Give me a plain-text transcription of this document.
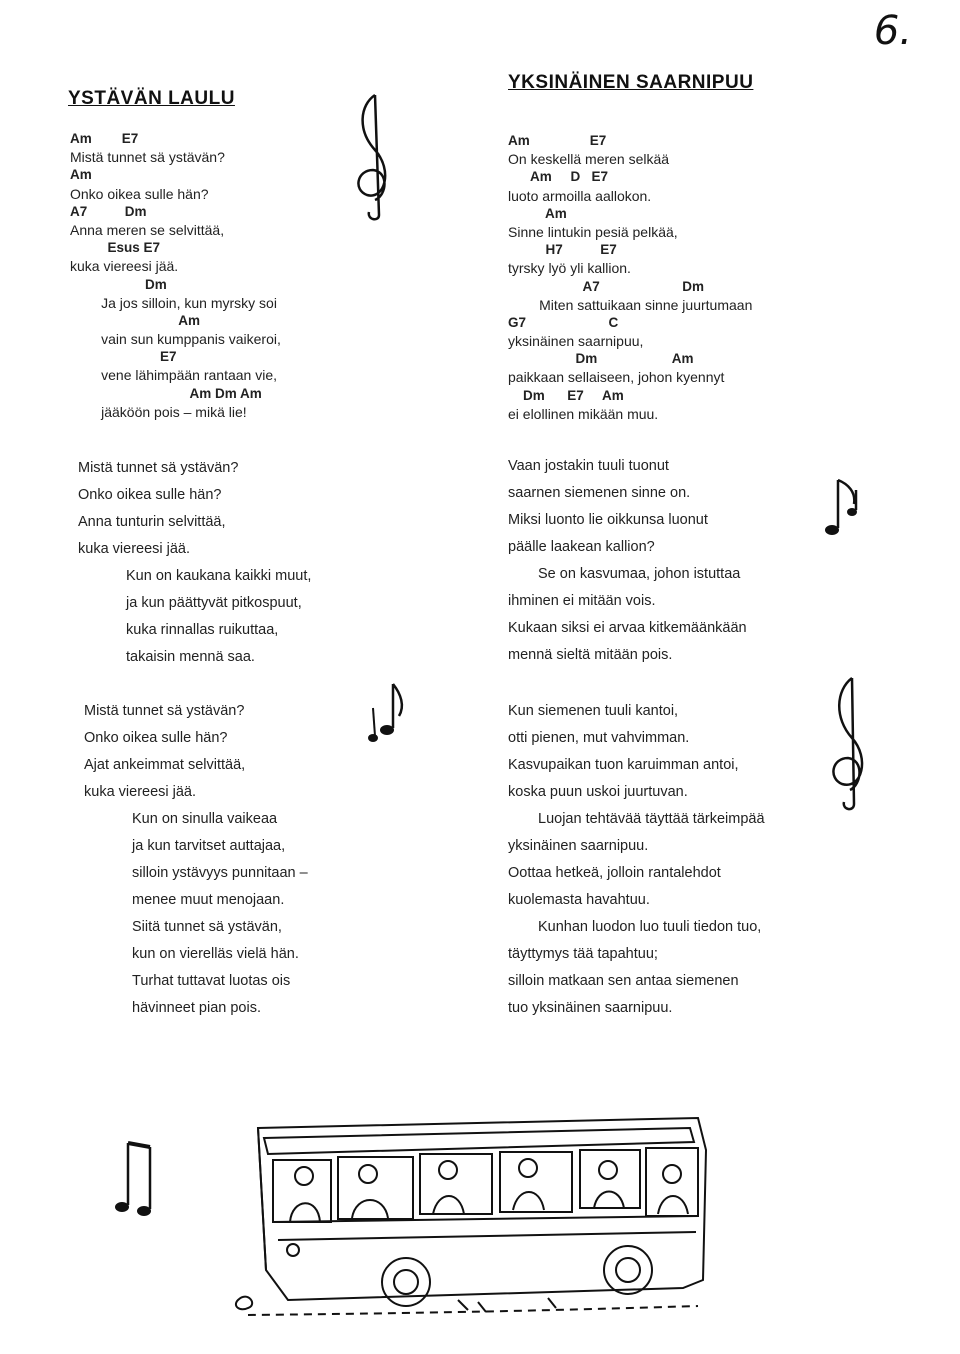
6.
YSTÄVÄN LAULU
Am        E7
Mistä tunnet sä ystävän?
Am
Onko oikea sulle hän?
A7          Dm
Anna meren se selvittää,
Esus E7
kuka viereesi jää.
Dm
Ja jos silloin, kun myrsky soi
Am
vain sun kumppanis vaikeroi,
E7
vene lähimpään rantaan vie,
Am Dm Am
jääköön pois – mikä lie!
Mistä tunnet sä ystävän?
Onko oikea sulle hän?
Anna tunturin selvittää,
kuka viereesi jää.
Kun on kaukana kaikki muut,
ja kun päättyvät pitkospuut,
kuka rinnallas ruikuttaa,
takaisin mennä saa.
Mistä tunnet sä ystävän?
Onko oikea sulle hän?
Ajat ankeimmat selvittää,
kuka viereesi jää.
Kun on sinulla vaikeaa
ja kun tarvitset auttajaa,
silloin ystävyys punnitaan –
menee muut menojaan.
Siitä tunnet sä ystävän,
kun on vierelläs vielä hän.
Turhat tuttavat luotas ois
hävinneet pian pois.
YKSINÄINEN SAARNIPUU
Am                E7
On keskellä meren selkää
Am     D   E7
luoto armoilla aallokon.
Am
Sinne lintukin pesiä pelkää,
H7          E7
tyrsky lyö yli kallion.
A7                      Dm
Miten sattuikaan sinne juurtumaan
G7                      C
yksinäinen saarnipuu,
Dm                    Am
paikkaan sellaiseen, johon kyennyt
Dm      E7     Am
ei elollinen mikään muu.
Vaan jostakin tuuli tuonut
saarnen siemenen sinne on.
Miksi luonto lie oikkunsa luonut
päälle laakean kallion?
Se on kasvumaa, johon istuttaa
ihminen ei mitään vois.
Kukaan siksi ei arvaa kitkemäänkään
mennä sieltä mitään pois.
Kun siemenen tuuli kantoi,
otti pienen, mut vahvimman.
Kasvupaikan tuon karuimman antoi,
koska puun uskoi juurtuvan.
Luojan tehtävää täyttää tärkeimpää
yksinäinen saarnipuu.
Oottaa hetkeä, jolloin rantalehdot
kuolemasta havahtuu.
Kunhan luodon luo tuuli tiedon tuo,
täyttymys tää tapahtuu;
silloin matkaan sen antaa siemenen
tuo yksinäinen saarnipuu.
